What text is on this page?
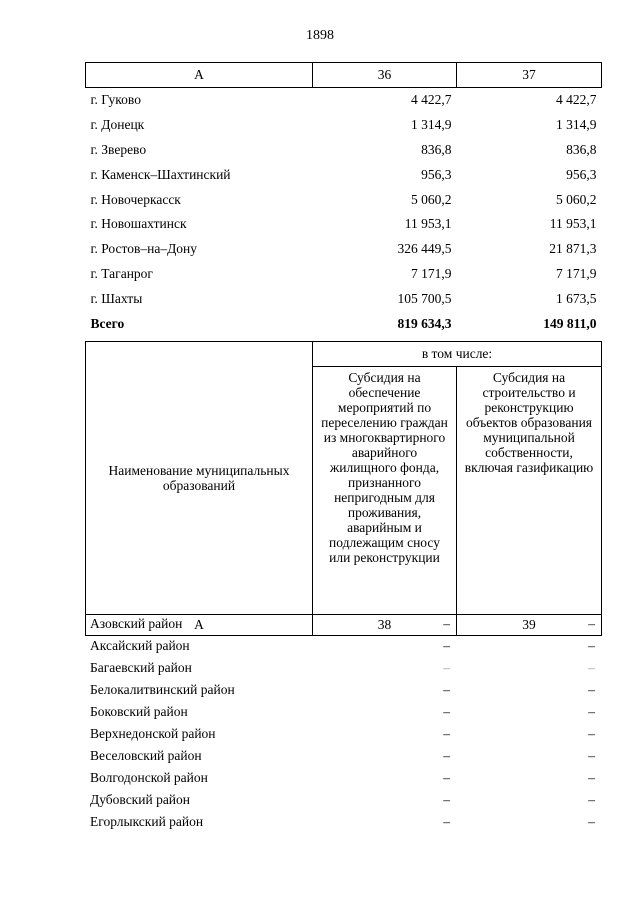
1898
А	36	37
г. Гуково	4 422,7	4 422,7
г. Донецк	1 314,9	1 314,9
г. Зверево	836,8	836,8
г. Каменск–Шахтинский	956,3	956,3
г. Новочеркасск	5 060,2	5 060,2
г. Новошахтинск	11 953,1	11 953,1
г. Ростов–на–Дону	326 449,5	21 871,3
г. Таганрог	7 171,9	7 171,9
г. Шахты	105 700,5	1 673,5
Всего	819 634,3	149 811,0
Наименование муниципальных образований	в том числе:	
	Субсидия на обеспечение мероприятий по переселению граждан из многоквартирного аварийного жилищного фонда, признанного непригодным для проживания, аварийным и подлежащим сносу или реконструкции	Субсидия на строительство и реконструкцию объектов образования муниципальной собственности, включая газификацию
А	38	39
Азовский район	–	–
Аксайский район	–	–
Багаевский район	–	–
Белокалитвинский район	–	–
Боковский район	–	–
Верхнедонской район	–	–
Веселовский район	–	–
Волгодонской район	–	–
Дубовский район	–	–
Егорлыкский район	–	–
